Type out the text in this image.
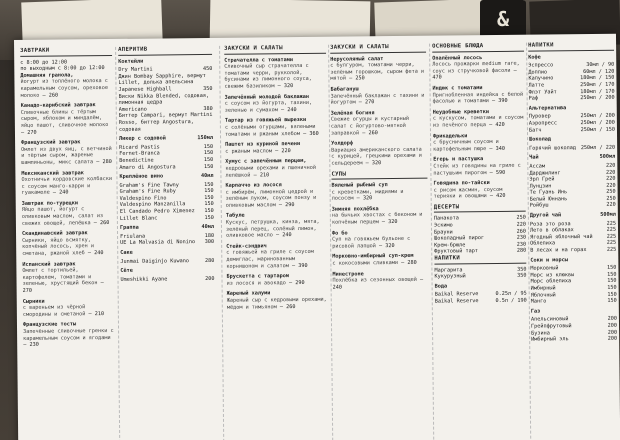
&
ЗАВТРАКИ
с 8:00 до 12:00
по выходным с 8:00 до 12:00
Домашняя гранола,
йогурт из топлёного молока с карамельным соусом, ореховое молоко – 260
Канадо-карибский завтрак
Сливочные блины с тёртым сыром, яблоком и миндалём, яйцо пашот, сливочное молоко – 270
Французский завтрак
Омлет из двух яиц, с ветчиной и тёртым сыром, жареные шампиньоны, микс салата – 280
Мексиканский завтрак
Охотничьи кордовские колбаски с соусом манго-карри и гуакамоле – 240
Завтрак по-турецки
Яйцо пашот, йогурт с оливковым маслом, салат из свежих овощей, лепёшка – 260
Скандинавский завтрак
Сырники, яйцо всмятку, копчёный лосось, хрен и сметана, ржаной хлеб – 240
Испанский завтрак
Омлет с тортильей, картофелем, томатами и зеленью, хрустящий бекон – 270
Сырники
с вареньем из чёрной смородины и сметаной – 210
Французские тосты
Запечённые сливочные гренки с карамельным соусом и ягодами – 230
АПЕРИТИВ
Коктейли
Dry Martini	450
Джин Bombay Sapphire, вермут Lillet, долька апельсина
Japanese Highball	350
Виски Nikka Blended, содовая, лимонная цедра
Americano	380
Биттер Campari, вермут Martini Rosso, биттер Angostura, содовая
Ликер с содовой	150мл
Ricard Pastis	150
Fernet-Branca	150
Benedictine	150
Amaro di Angostura	150
Креплёное вино	40мл
Graham's Fine Tawny	150
Graham's Fine Ruby	150
Valdespino Fino	150
Valdespino Manzanilla	150
El Candado Pedro Ximenez 150
Lillet Blanc	150
Граппа	40мл
Friulana	180
UE La Malvasia di Nonino 300
Саке
Junmai Daiginjo Kuwano	280
Сёте
Umeshikki Ayane	200
ЗАКУСКИ И САЛАТЫ
Страчателла с томатами
Сливочный сыр страчателла с томатами черри, рукколой, бусинами из лимонного соуса, свежим базиликом – 320
Запечённый молодой баклажан
с соусом из йогурта, тахини, зеленью и сумахом – 240
Тартар из говяжьей вырезки
с солёными огурцами, вялеными томатами и ржаным хлебом – 360
Паштет из куриной печени
с ржаным маслом – 220
Хумус с запечённым перцем,
кедровыми орехами и пшеничной лепёшкой – 210
Карпаччо из лосося
с имбирём, лимонной цедрой и зелёным луком, соусом понзу и оливковым маслом – 290
Табуле
Кускус, петрушка, кинза, мята, зелёный перец, солёный лимон, оливковое масло – 240
Стейк-сэндвич
с говяжьей на гриле с соусом демиглас, маринованным корнишоном и салатом – 390
Брускетта с тартаром
из лосося и авокадо – 290
Жареный халуми
Жареный сыр с кедровыми орехами, мёдом и тимьяном – 260
ЗАКУСКИ И САЛАТЫ
Нерусоляный салат
с булгуром, томатами черри, зелёным горошком, сыром фета и мятой – 250
Бабагануш
Запечённый баклажан с тахини и йогуртом – 270
Зелёная богиня
Свежие огурцы и кустарный салат с йогуртово-мятной заправкой – 260
Уолдорф
Вариация американского салата с курицей, грецкими орехами и сельдереем – 320
СУПЫ
Вяленый рыбный суп
с креветками, мидиями и лососем – 320
Зимняя похлёбка
на бычьих хвостах с беконом и копчёным перцем – 320
Фо бо
Суп на говяжьем бульоне с рисовой лапшой – 320
Морковно-имбирный суп-крем
с кокосовыми сливками – 280
Минестроне
Похлёбка из сезонных овощей – 240
ОСНОВНЫЕ БЛЮДА
Опалённый лосось
Лосось прожарки medium rare, соус из стручковой фасоли – 470
Индюк с томатами
Пригнобленная индейка с белой фасолью и томатами – 390
Неудобные креветки
с кускусом, томатами и соусом из печёного перца – 420
Фрикадельки
с брусничным соусом и картофельным пюре – 340
Егерь и пастушка
Стейк из говядины на гриле с пастушьим пирогом – 590
Говядина по-тайски
с рисом жасмин, соусом терияки и овощами – 420
ДЕСЕРТЫ
Панакота	250
Эскимо	220
Брауни	260
Шоколадный пирог	230
Крем-брюле	230
Фруктовый тарт	280
НАПИТКИ
Маргарита	350
Кукурузный	350
Вода
Baikal Reserve	0.25л / 95
Baikal Reserve	0.5л / 190
НАПИТКИ
Кофе
Эспрессо	30мл / 90
Доппио	60мл / 120
Капучино	180мл / 150
Латте	250мл / 170
Флэт Уайт	180мл / 170
Раф	250мл / 200
Альтернатива
Пуровер	250мл / 200
Аэропресс	250мл / 200
Батч	250мл / 150
Шоколад
Горячий шоколад 250мл / 220
Чай	500мл
Ассам	220
Дарджилинг	220
Эрл Грей	220
Лунцзин	220
Те Гуань Инь	250
Белый Юннань	250
Ройбуш	220
Другой чай	500мл
Роза это роза	225
Лето в облаках	225
Ягодный яблочный чай	225
Облепиха	225
В лесах и на горах	225
Соки и морсы
Морковный	150
Морс из клюквы	150
Морс облепиха	150
Имбирный	150
Яблочный	150
Манго	150
Газ
Апельсиновый	200
Грейпфрутовый	200
Бузина	200
Имбирный эль	200
